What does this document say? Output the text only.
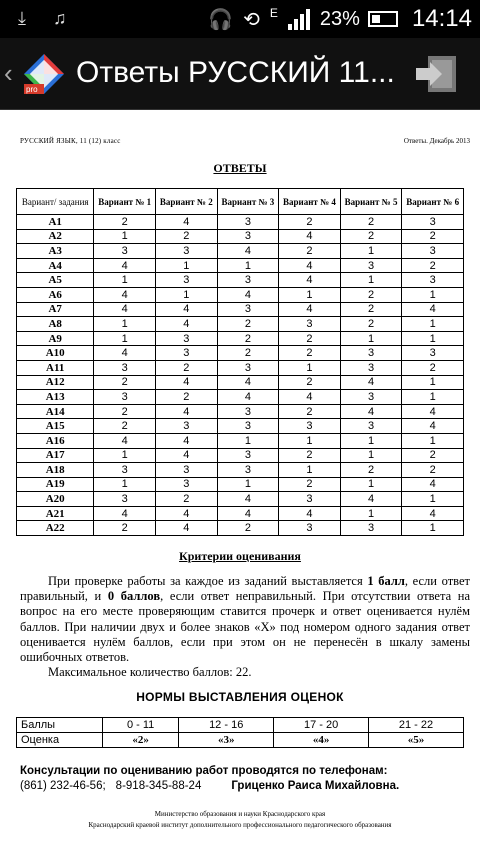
⤓ ♫	🎧 ⟲ E 23% 14:14
‹
pro
Ответы РУССКИЙ 11...
РУССКИЙ ЯЗЫК, 11 (12) класс	Ответы. Декабрь 2013
ОТВЕТЫ
Вариант/ задания	Вариант № 1	Вариант № 2	Вариант № 3	Вариант № 4	Вариант № 5	Вариант № 6
А1	2	4	3	2	2	3
А2	1	2	3	4	2	2
А3	3	3	4	2	1	3
А4	4	1	1	4	3	2
А5	1	3	3	4	1	3
А6	4	1	4	1	2	1
А7	4	4	3	4	2	4
А8	1	4	2	3	2	1
А9	1	3	2	2	1	1
А10	4	3	2	2	3	3
А11	3	2	3	1	3	2
А12	2	4	4	2	4	1
А13	3	2	4	4	3	1
А14	2	4	3	2	4	4
А15	2	3	3	3	3	4
А16	4	4	1	1	1	1
А17	1	4	3	2	1	2
А18	3	3	3	1	2	2
А19	1	3	1	2	1	4
А20	3	2	4	3	4	1
А21	4	4	4	4	1	4
А22	2	4	2	3	3	1
Критерии оценивания

При проверке работы за каждое из заданий выставляется 1 балл, если ответ правильный, и 0 баллов, если ответ неправильный. При отсутствии ответа на вопрос на его месте проверяющим ставится прочерк и ответ оценивается нулём баллов. При наличии двух и более знаков «Х» под номером одного задания ответ оценивается нулём баллов, если при этом он не перенесён в шкалу замены ошибочных ответов.

Максимальное количество баллов: 22.

НОРМЫ ВЫСТАВЛЕНИЯ ОЦЕНОК
Баллы	0 - 11	12 - 16	17 - 20	21 - 22
Оценка	«2»	«3»	«4»	«5»
Консультации по оцениванию работ проводятся по телефонам:
(861) 232-46-56; 8-918-345-88-24	Гриценко Раиса Михайловна.
Министерство образования и науки Краснодарского края
Краснодарский краевой институт дополнительного профессионального педагогического образования
